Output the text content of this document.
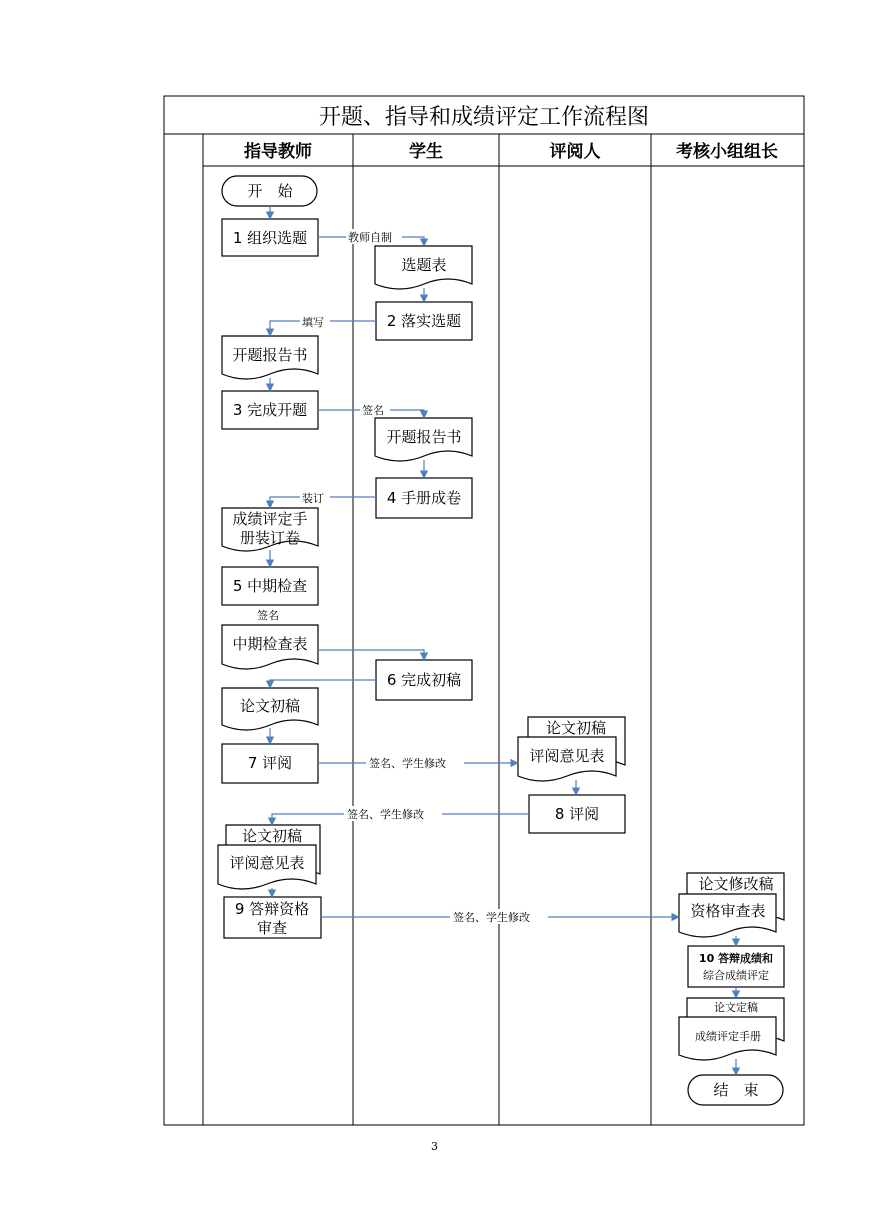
开题、指导和成绩评定工作流程图
指导教师	学生	评阅人	考核小组组长
教师自制
填写
签名
装订
签名
签名、学生修改
签名、学生修改
签名、学生修改
开　始
结　束
1 组织选题
2 落实选题
3 完成开题
4 手册成卷
5 中期检查
6 完成初稿
7 评阅
8 评阅
9 答辩资格
审查
选题表
开题报告书
开题报告书
成绩评定手
册装订卷
中期检查表
论文初稿
论文初稿
评阅意见表
论文初稿
评阅意见表
论文修改稿
资格审查表
10 答辩成绩和
综合成绩评定
论文定稿
成绩评定手册
3
